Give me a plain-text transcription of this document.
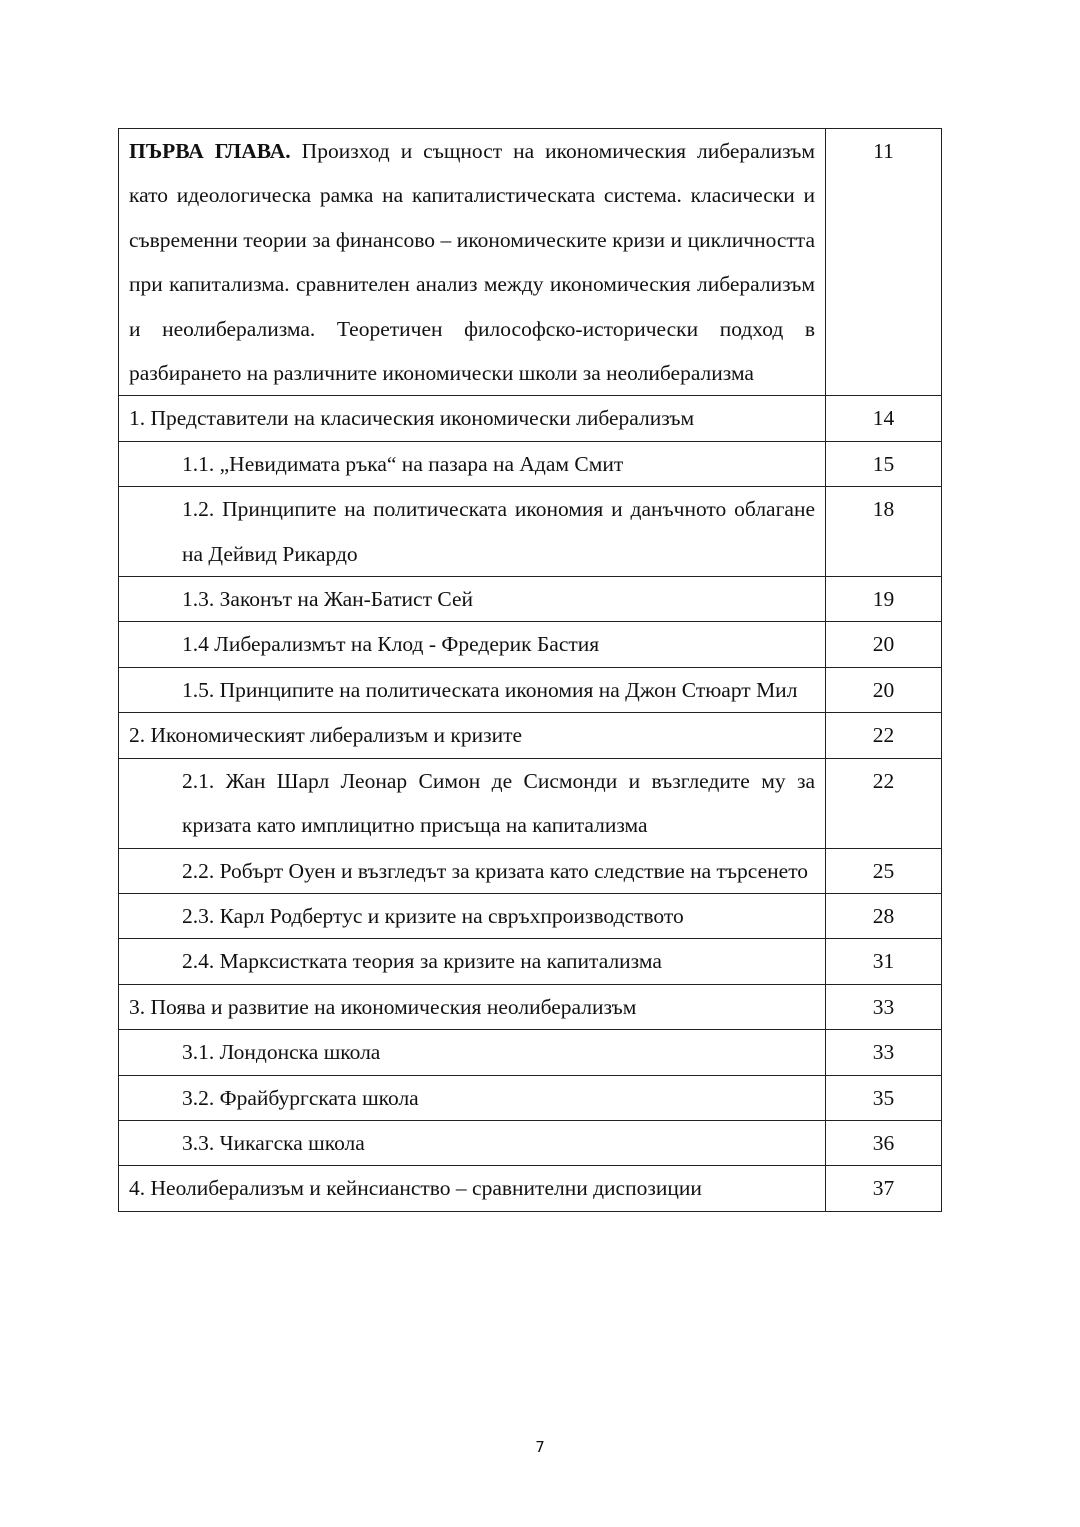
ПЪРВА ГЛАВА. Произход и същност на икономическия либерализъм като идеологическа рамка на капиталистическата система. класически и съвременни теории за финансово – икономическите кризи и цикличността при капитализма. сравнителен анализ между икономическия либерализъм и неолиберализма. Теоретичен философско-исторически подход в разбирането на различните икономически школи за неолиберализма	11
1. Представители на класическия икономически либерализъм	14
1.1. „Невидимата ръка“ на пазара на Адам Смит	15
1.2. Принципите на политическата икономия и данъчното облагане на Дейвид Рикардо	18
1.3. Законът на Жан-Батист Сей	19
1.4 Либерализмът на Клод - Фредерик Бастия	20
1.5. Принципите на политическата икономия на Джон Стюарт Мил	20
2. Икономическият либерализъм и кризите	22
2.1. Жан Шарл Леонар Симон де Сисмонди и възгледите му за кризата като имплицитно присъща на капитализма	22
2.2. Робърт Оуен и възгледът за кризата като следствие на търсенето	25
2.3. Карл Родбертус и кризите на свръхпроизводството	28
2.4. Марксистката теория за кризите на капитализма	31
3. Поява и развитие на икономическия неолиберализъм	33
3.1. Лондонска школа	33
3.2. Фрайбургската школа	35
3.3. Чикагска школа	36
4. Неолиберализъм и кейнсианство – сравнителни диспозиции	37
7
